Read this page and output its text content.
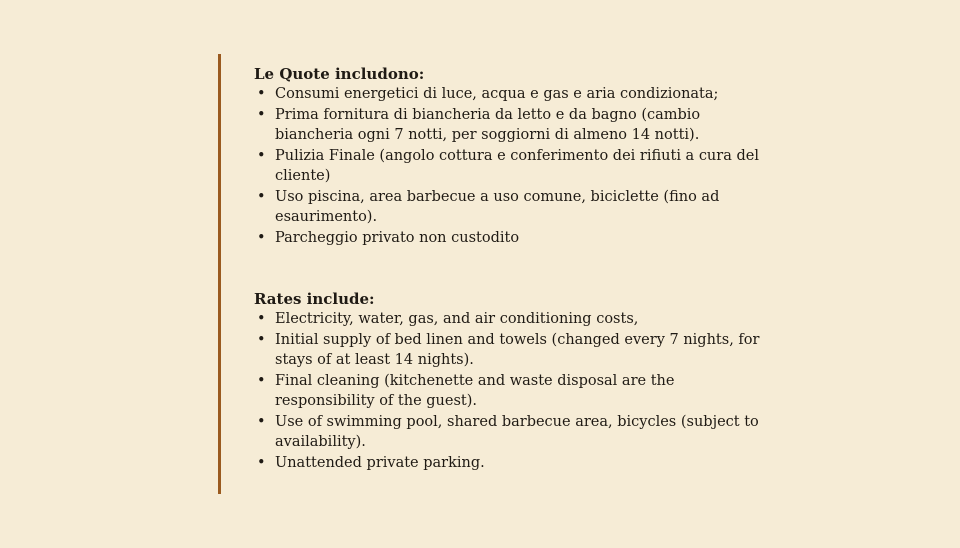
Le Quote includono:
• Consumi energetici di luce, acqua e gas e aria condizionata;
• Prima fornitura di biancheria da letto e da bagno (cambio biancheria ogni 7 notti, per soggiorni di almeno 14 notti).
• Pulizia Finale (angolo cottura e conferimento dei rifiuti a cura del cliente)
• Uso piscina, area barbecue a uso comune, biciclette (fino ad esaurimento).
• Parcheggio privato non custodito
Rates include:
• Electricity, water, gas, and air conditioning costs,
• Initial supply of bed linen and towels (changed every 7 nights, for stays of at least 14 nights).
• Final cleaning (kitchenette and waste disposal are the responsibility of the guest).
• Use of swimming pool, shared barbecue area, bicycles (subject to availability).
• Unattended private parking.
